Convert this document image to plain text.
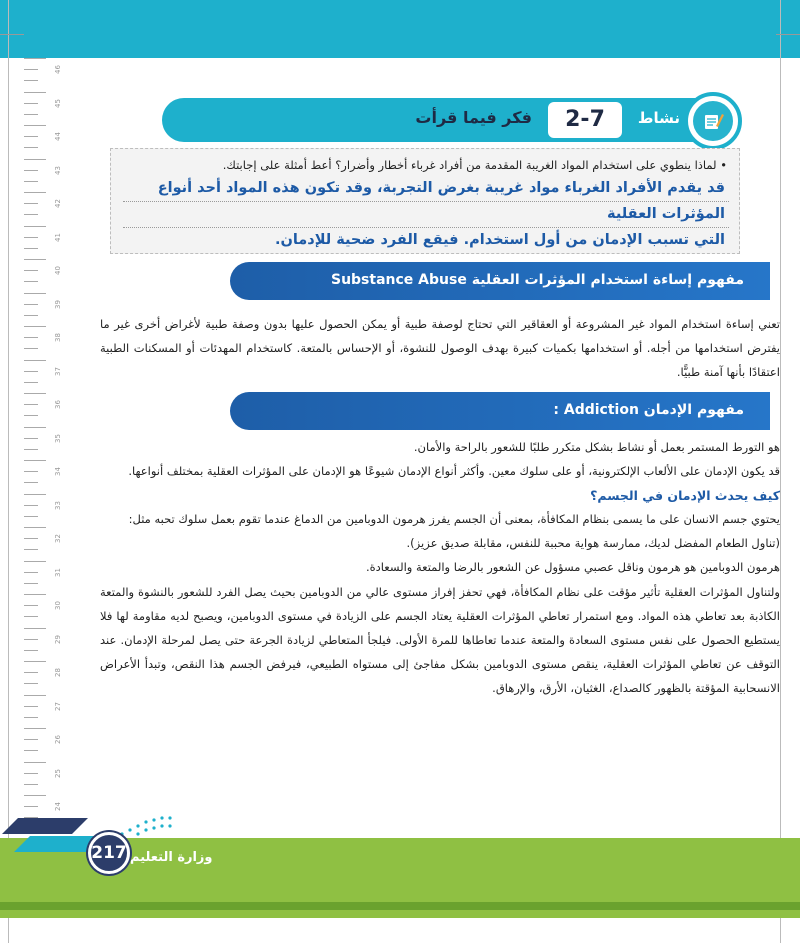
46
45
44
43
42
41
40
39
38
37
36
35
34
33
32
31
30
29
28
27
26
25
24
نشاط
2-7
فكر فيما قرأت
• لماذا ينطوي على استخدام المواد الغريبة المقدمة من أفراد غرباء أخطار وأضرار؟ أعط أمثلة على إجابتك.
قد يقدم الأفراد الغرباء مواد غريبة بغرض التجربة، وقد تكون هذه المواد أحد أنواع المؤثرات العقلية
التي تسبب الإدمان من أول استخدام. فيقع الفرد ضحية للإدمان.
مفهوم إساءة استخدام المؤثرات العقلية Substance Abuse
تعني إساءة استخدام المواد غير المشروعة أو العقاقير التي تحتاج لوصفة طبية أو يمكن الحصول عليها بدون وصفة طبية لأغراض أخرى غير ما يفترض استخدامها من أجله. أو استخدامها بكميات كبيرة بهدف الوصول للنشوة، أو الإحساس بالمتعة. كاستخدام المهدئات أو المسكنات الطبية اعتقادًا بأنها آمنة طبيًّا.
مفهوم الإدمان Addiction :
هو التورط المستمر بعمل أو نشاط بشكل متكرر طلبًا للشعور بالراحة والأمان.
قد يكون الإدمان على الألعاب الإلكترونية، أو على سلوك معين. وأكثر أنواع الإدمان شيوعًا هو الإدمان على المؤثرات العقلية بمختلف أنواعها.
كيف يحدث الإدمان في الجسم؟
يحتوي جسم الانسان على ما يسمى بنظام المكافأة، بمعنى أن الجسم يفرز هرمون الدوبامين من الدماغ عندما تقوم بعمل سلوك تحبه مثل:
(تناول الطعام المفضل لديك، ممارسة هواية محببة للنفس، مقابلة صديق عزيز).
هرمون الدوبامين هو هرمون وناقل عصبي مسؤول عن الشعور بالرضا والمتعة والسعادة.
ولتناول المؤثرات العقلية تأثير مؤقت على نظام المكافأة، فهي تحفز إفراز مستوى عالي من الدوبامين بحيث يصل الفرد للشعور بالنشوة والمتعة الكاذبة بعد تعاطي هذه المواد. ومع استمرار تعاطي المؤثرات العقلية يعتاد الجسم على الزيادة في مستوى الدوبامين، ويصبح لديه مقاومة لها فلا يستطيع الحصول على نفس مستوى السعادة والمتعة عندما تعاطاها للمرة الأولى. فيلجأ المتعاطي لزيادة الجرعة حتى يصل لمرحلة الإدمان. عند التوقف عن تعاطي المؤثرات العقلية، ينقص مستوى الدوبامين بشكل مفاجئ إلى مستواه الطبيعي، فيرفض الجسم هذا النقص، وتبدأ الأعراض الانسحابية المؤقتة بالظهور كالصداع، الغثيان، الأرق، والإرهاق.
217 وزارة التعليم
